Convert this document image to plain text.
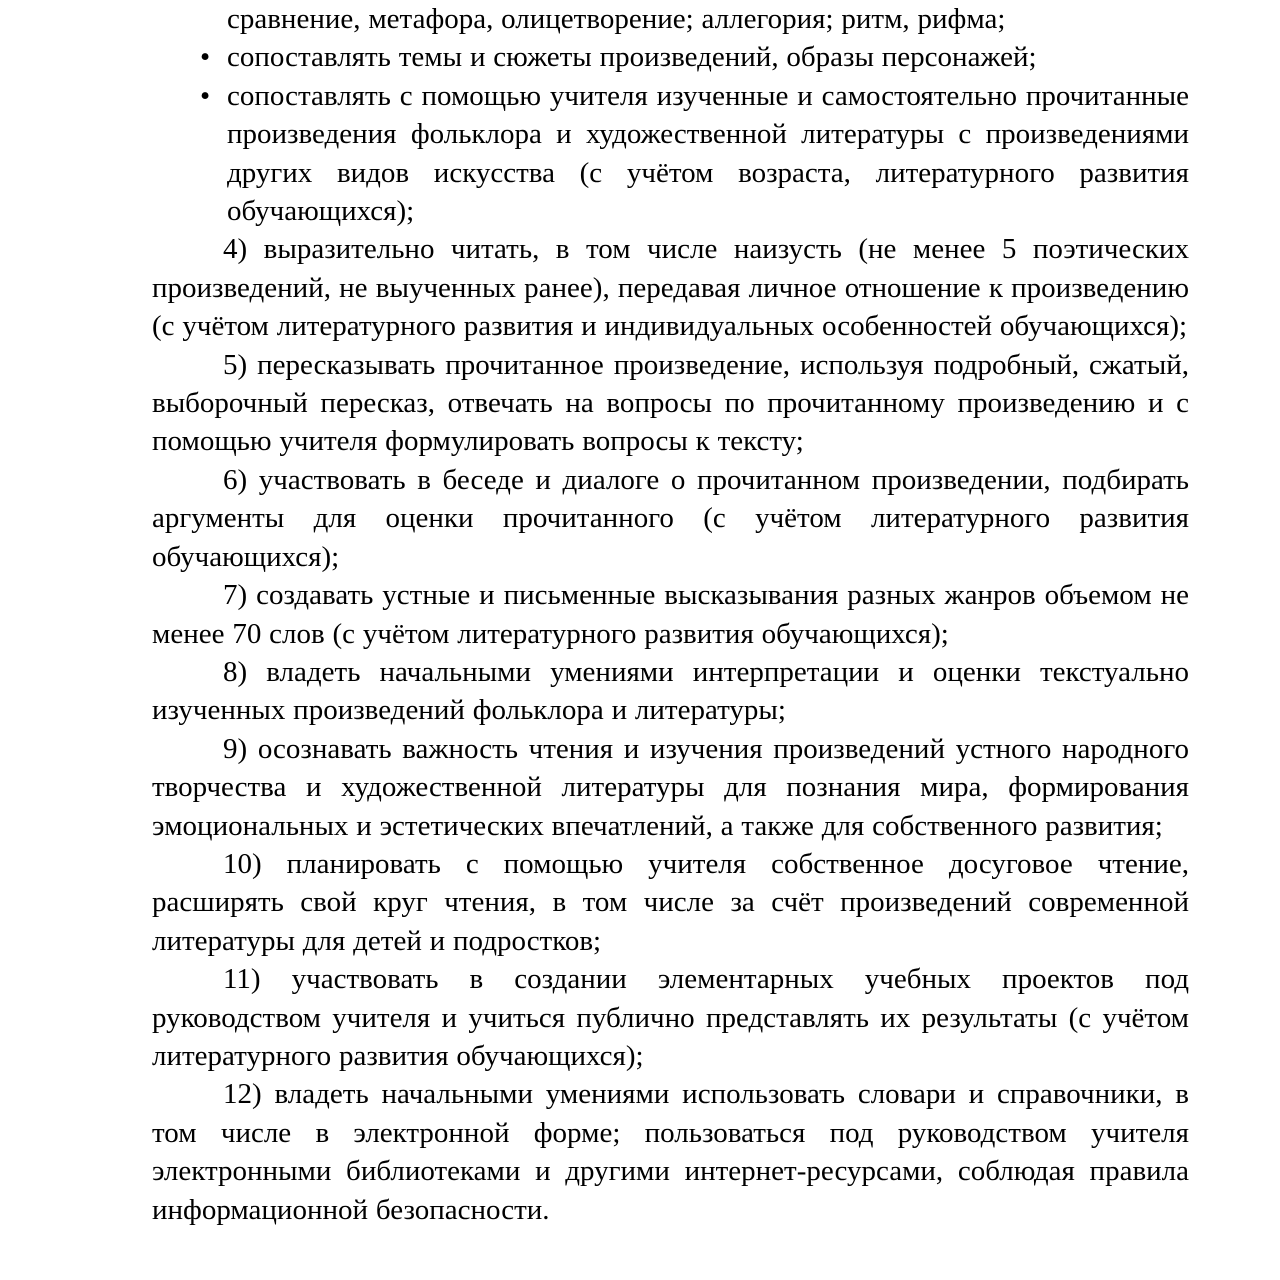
сравнение, метафора, олицетворение; аллегория; ритм, рифма;

• сопоставлять темы и сюжеты произведений, образы персонажей;
• сопоставлять с помощью учителя изученные и самостоятельно прочитанные произведения фольклора и художественной литературы с произведениями других видов искусства (с учётом возраста, литературного развития обучающихся);

4) выразительно читать, в том числе наизусть (не менее 5 поэтических произведений, не выученных ранее), передавая личное отношение к произведению (с учётом литературного развития и индивидуальных особенностей обучающихся);

5) пересказывать прочитанное произведение, используя подробный, сжатый, выборочный пересказ, отвечать на вопросы по прочитанному произведению и с помощью учителя формулировать вопросы к тексту;

6) участвовать в беседе и диалоге о прочитанном произведении, подбирать аргументы для оценки прочитанного (с учётом литературного развития обучающихся);

7) создавать устные и письменные высказывания разных жанров объемом не менее 70 слов (с учётом литературного развития обучающихся);

8) владеть начальными умениями интерпретации и оценки текстуально изученных произведений фольклора и литературы;

9) осознавать важность чтения и изучения произведений устного народного творчества и художественной литературы для познания мира, формирования эмоциональных и эстетических впечатлений, а также для собственного развития;

10) планировать с помощью учителя собственное досуговое чтение, расширять свой круг чтения, в том числе за счёт произведений современной литературы для детей и подростков;

11) участвовать в создании элементарных учебных проектов под руководством учителя и учиться публично представлять их результаты (с учётом литературного развития обучающихся);

12) владеть начальными умениями использовать словари и справочники, в том числе в электронной форме; пользоваться под руководством учителя электронными библиотеками и другими интернет-ресурсами, соблюдая правила информационной безопасности.
